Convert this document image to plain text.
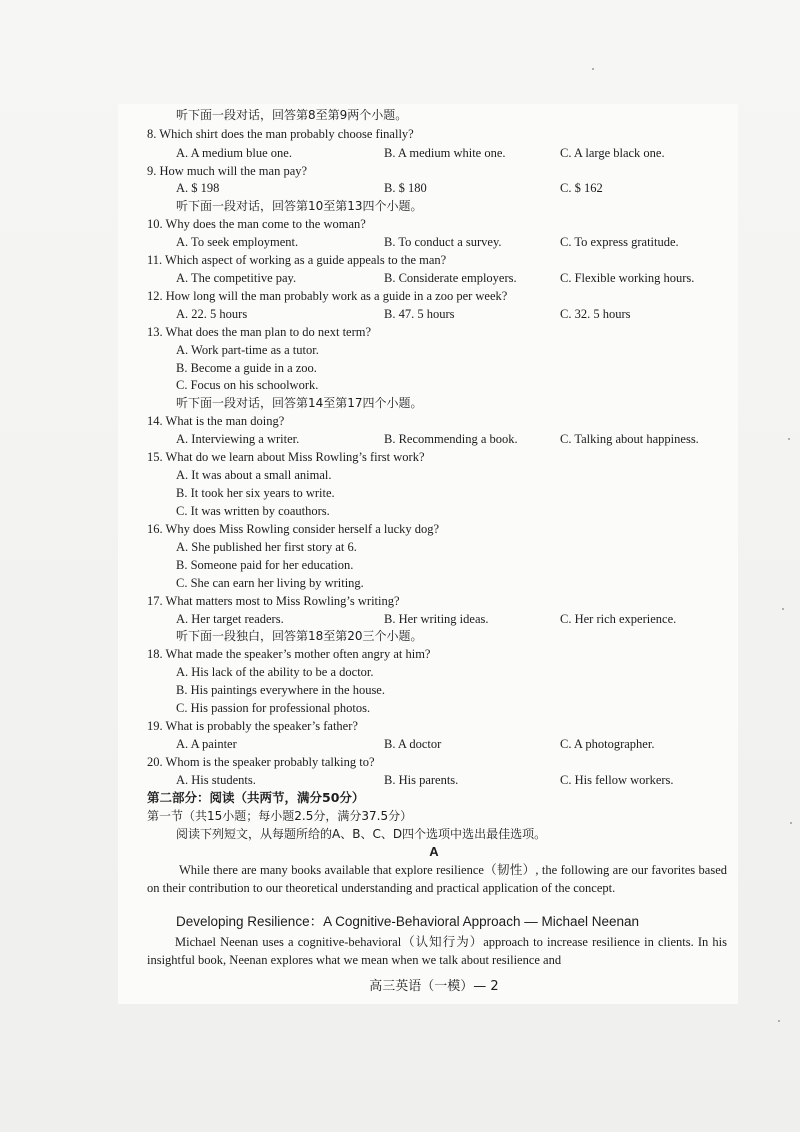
听下面一段对话，回答第8至第9两个小题。
8. Which shirt does the man probably choose finally?
A. A medium blue one.	B. A medium white one.	C. A large black one.
9. How much will the man pay?
A. $ 198	B. $ 180	C. $ 162
听下面一段对话，回答第10至第13四个小题。
10. Why does the man come to the woman?
A. To seek employment.	B. To conduct a survey.	C. To express gratitude.
11. Which aspect of working as a guide appeals to the man?
A. The competitive pay.	B. Considerate employers.	C. Flexible working hours.
12. How long will the man probably work as a guide in a zoo per week?
A. 22. 5 hours	B. 47. 5 hours	C. 32. 5 hours
13. What does the man plan to do next term?
A. Work part-time as a tutor.
B. Become a guide in a zoo.
C. Focus on his schoolwork.
听下面一段对话，回答第14至第17四个小题。
14. What is the man doing?
A. Interviewing a writer.	B. Recommending a book.	C. Talking about happiness.
15. What do we learn about Miss Rowling’s first work?
A. It was about a small animal.
B. It took her six years to write.
C. It was written by coauthors.
16. Why does Miss Rowling consider herself a lucky dog?
A. She published her first story at 6.
B. Someone paid for her education.
C. She can earn her living by writing.
17. What matters most to Miss Rowling’s writing?
A. Her target readers.	B. Her writing ideas.	C. Her rich experience.
听下面一段独白，回答第18至第20三个小题。
18. What made the speaker’s mother often angry at him?
A. His lack of the ability to be a doctor.
B. His paintings everywhere in the house.
C. His passion for professional photos.
19. What is probably the speaker’s father?
A. A painter	B. A doctor	C. A photographer.
20. Whom is the speaker probably talking to?
A. His students.	B. His parents.	C. His fellow workers.
第二部分：阅读（共两节，满分50分）
第一节（共15小题；每小题2.5分，满分37.5分）
阅读下列短文，从每题所给的A、B、C、D四个选项中选出最佳选项。
A
While there are many books available that explore resilience（韧性）, the following are our favorites based on their contribution to our theoretical understanding and practical application of the concept.
Developing Resilience：A Cognitive-Behavioral Approach — Michael Neenan
Michael Neenan uses a cognitive-behavioral（认知行为）approach to increase resilience in clients. In his insightful book, Neenan explores what we mean when we talk about resilience and
高三英语（一模）— 2
